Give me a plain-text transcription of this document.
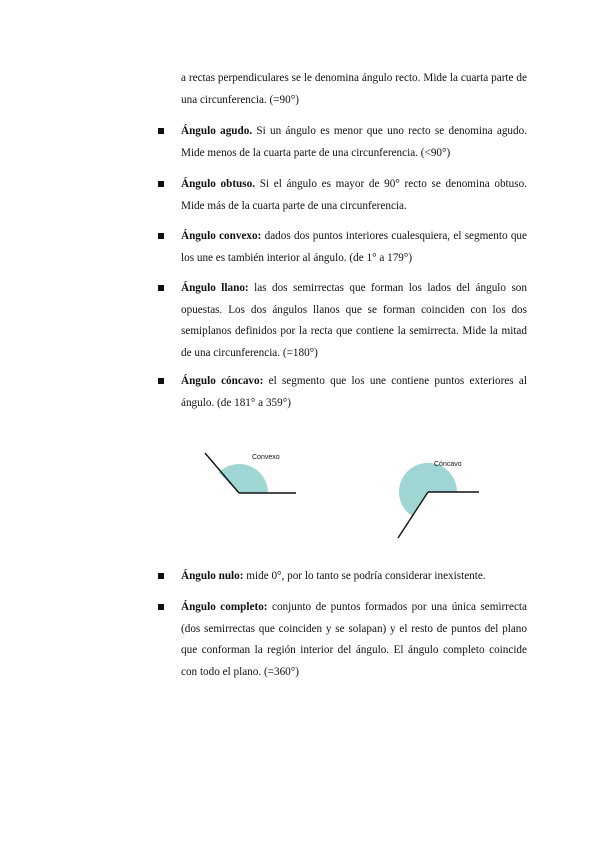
a rectas perpendiculares se le denomina ángulo recto. Mide la cuarta parte de una circunferencia. (=90°)
Ángulo agudo. Si un ángulo es menor que uno recto se denomina agudo. Mide menos de la cuarta parte de una circunferencia. (<90°)
Ángulo obtuso. Si el ángulo es mayor de 90° recto se denomina obtuso. Mide más de la cuarta parte de una circunferencia.
Ángulo convexo: dados dos puntos interiores cualesquiera, el segmento que los une es también interior al ángulo. (de 1° a 179°)
Ángulo llano: las dos semirrectas que forman los lados del ángulo son opuestas. Los dos ángulos llanos que se forman coinciden con los dos semiplanos definidos por la recta que contiene la semirrecta. Mide la mitad de una circunferencia. (=180°)
Ángulo cóncavo: el segmento que los une contiene puntos exteriores al ángulo. (de 181° a 359°)
Convexo
Cóncavo
Ángulo nulo: mide 0°, por lo tanto se podría considerar inexistente.
Ángulo completo: conjunto de puntos formados por una única semirrecta (dos semirrectas que coinciden y se solapan) y el resto de puntos del plano que conforman la región interior del ángulo. El ángulo completo coincide con todo el plano. (=360°)
